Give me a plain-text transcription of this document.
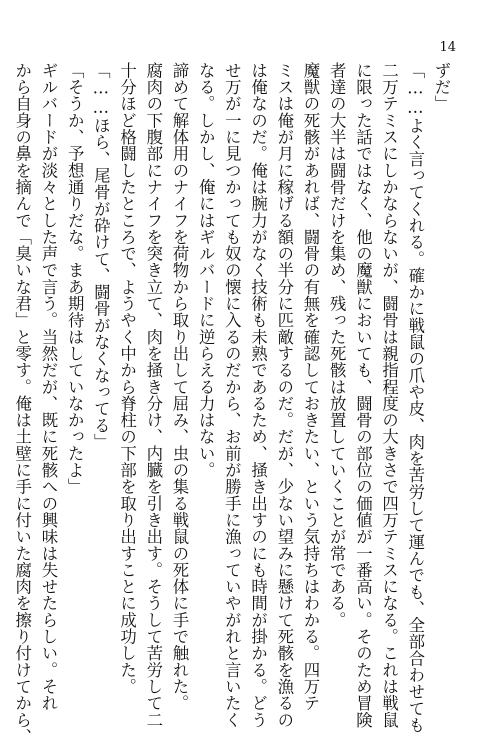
14
ずだ」
「……よく言ってくれる。確かに戦鼠の爪や皮、肉を苦労して運んでも、全部合わせても
二万テミスにしかならないが、闘骨は親指程度の大きさで四万テミスになる。これは戦鼠
に限った話ではなく、他の魔獣においても、闘骨の部位の価値が一番高い。そのため冒険
者達の大半は闘骨だけを集め、残った死骸は放置していくことが常である。
魔獣の死骸があれば、闘骨の有無を確認しておきたい、という気持ちはわかる。四万テ
ミスは俺が月に稼げる額の半分に匹敵するのだ。だが、少ない望みに懸けて死骸を漁るの
は俺なのだ。俺は腕力がなく技術も未熟であるため、掻き出すのにも時間が掛かる。どう
せ万が一に見つかっても奴の懐に入るのだから、お前が勝手に漁っていやがれと言いたく
なる。しかし、俺にはギルバードに逆らえる力はない。
諦めて解体用のナイフを荷物から取り出して屈み、虫の集る戦鼠の死体に手で触れた。
腐肉の下腹部にナイフを突き立て、肉を掻き分け、内臓を引き出す。そうして苦労して二
十分ほど格闘したところで、ようやく中から脊柱の下部を取り出すことに成功した。
「……ほら、尾骨が砕けて、闘骨がなくなってる」
「そうか、予想通りだな。まあ期待はしていなかったよ」
ギルバードが淡々とした声で言う。当然だが、既に死骸への興味は失せたらしい。それ
から自身の鼻を摘んで「臭いな君」と零す。俺は土壁に手に付いた腐肉を擦り付けてから、
